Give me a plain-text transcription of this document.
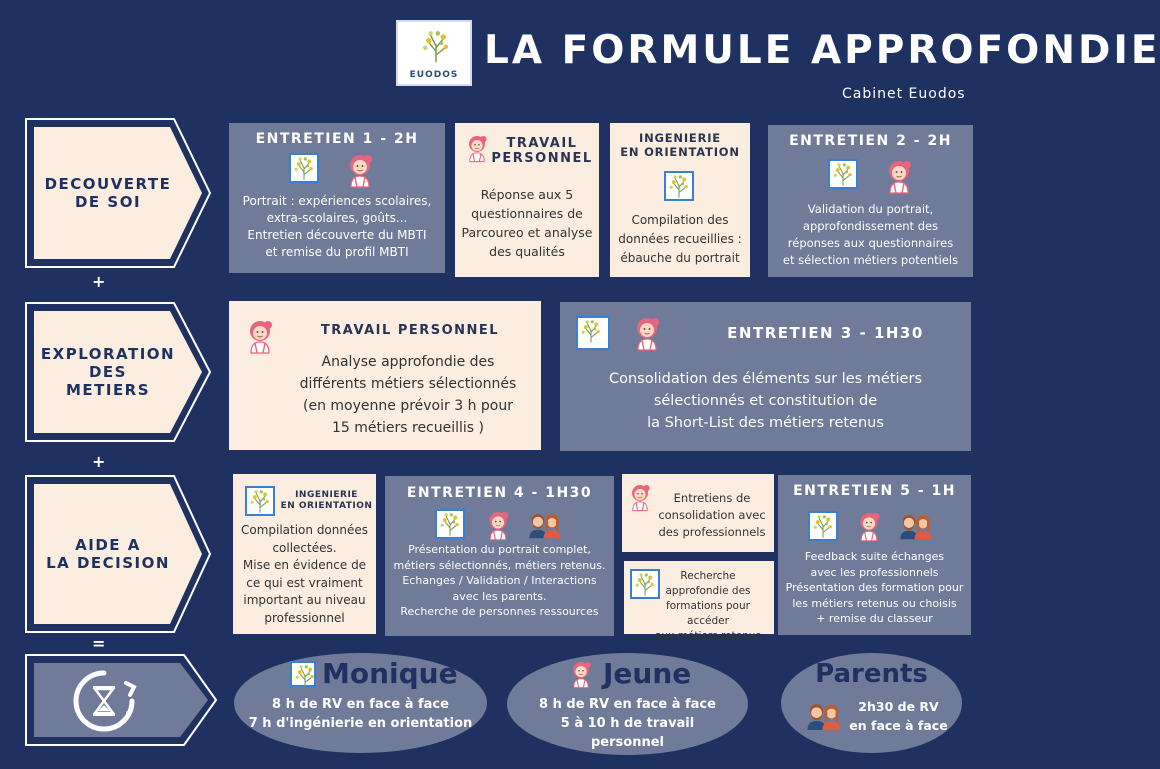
EUODOS
LA FORMULE APPROFONDIE
Cabinet Euodos
DECOUVERTE
DE SOI
+
EXPLORATION
DES
METIERS
+
AIDE A
LA DECISION
=
ENTRETIEN 1 - 2H
Portrait : expériences scolaires,
extra-scolaires, goûts...
Entretien découverte du MBTI
et remise du profil MBTI
TRAVAIL
PERSONNEL
Réponse aux 5
questionnaires de
Parcoureo et analyse
des qualités
INGENIERIE
EN ORIENTATION
Compilation des
données recueillies :
ébauche du portrait
ENTRETIEN 2 - 2H
Validation du portrait,
approfondissement des
réponses aux questionnaires
et sélection métiers potentiels
TRAVAIL PERSONNEL
Analyse approfondie des
différents métiers sélectionnés
(en moyenne prévoir 3 h pour
15 métiers recueillis )
ENTRETIEN 3 - 1H30
Consolidation des éléments sur les métiers
sélectionnés et constitution de
la Short-List des métiers retenus
INGENIERIE
EN ORIENTATION
Compilation données
collectées.
Mise en évidence de
ce qui est vraiment
important au niveau
professionnel
ENTRETIEN 4 - 1H30
Présentation du portrait complet,
métiers sélectionnés, métiers retenus.
Echanges / Validation / Interactions
avec les parents.
Recherche de personnes ressources
Entretiens de
consolidation avec
des professionnels
Recherche
approfondie des
formations pour accéder
aux métiers retenus
ENTRETIEN 5 - 1H
Feedback suite échanges
avec les professionnels
Présentation des formation pour
les métiers retenus ou choisis
+ remise du classeur
Monique
8 h de RV en face à face
7 h d'ingénierie en orientation
Jeune
8 h de RV en face à face
5 à 10 h de travail
personnel
Parents
2h30 de RV
en face à face
